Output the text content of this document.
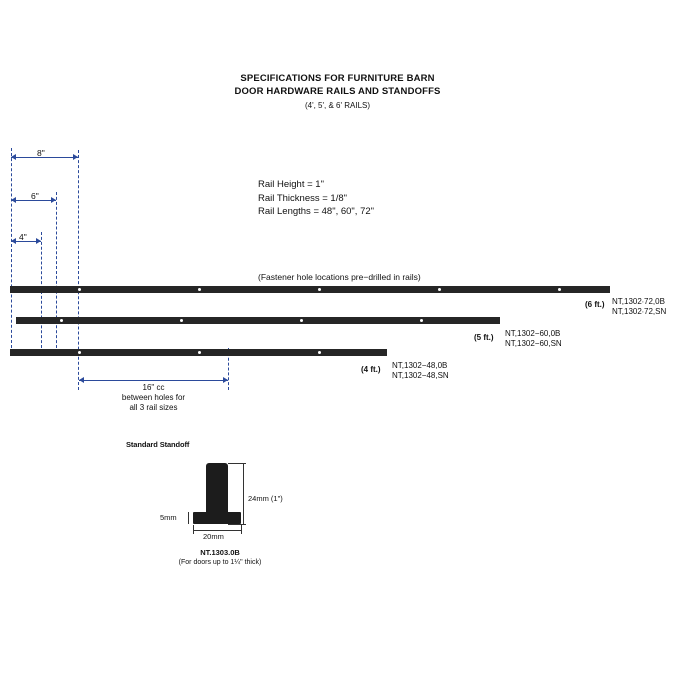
SPECIFICATIONS FOR FURNITURE BARN
DOOR HARDWARE RAILS AND STANDOFFS
(4', 5', & 6' RAILS)
Rail Height = 1"
Rail Thickness = 1/8"
Rail Lengths = 48", 60", 72"
(Fastener hole locations pre−drilled in rails)
8"
6"
4"
(6 ft.) NT,1302∙72,0B
NT,1302∙72,SN
(5 ft.) NT,1302−60,0B
NT,1302−60,SN
(4 ft.) NT,1302−48,0B
NT,1302−48,SN
16" cc
between holes for
all 3 rail sizes
Standard Standoff
24mm (1")
5mm
20mm
NT.1303.0B
(For doors up to 1¼" thick)
